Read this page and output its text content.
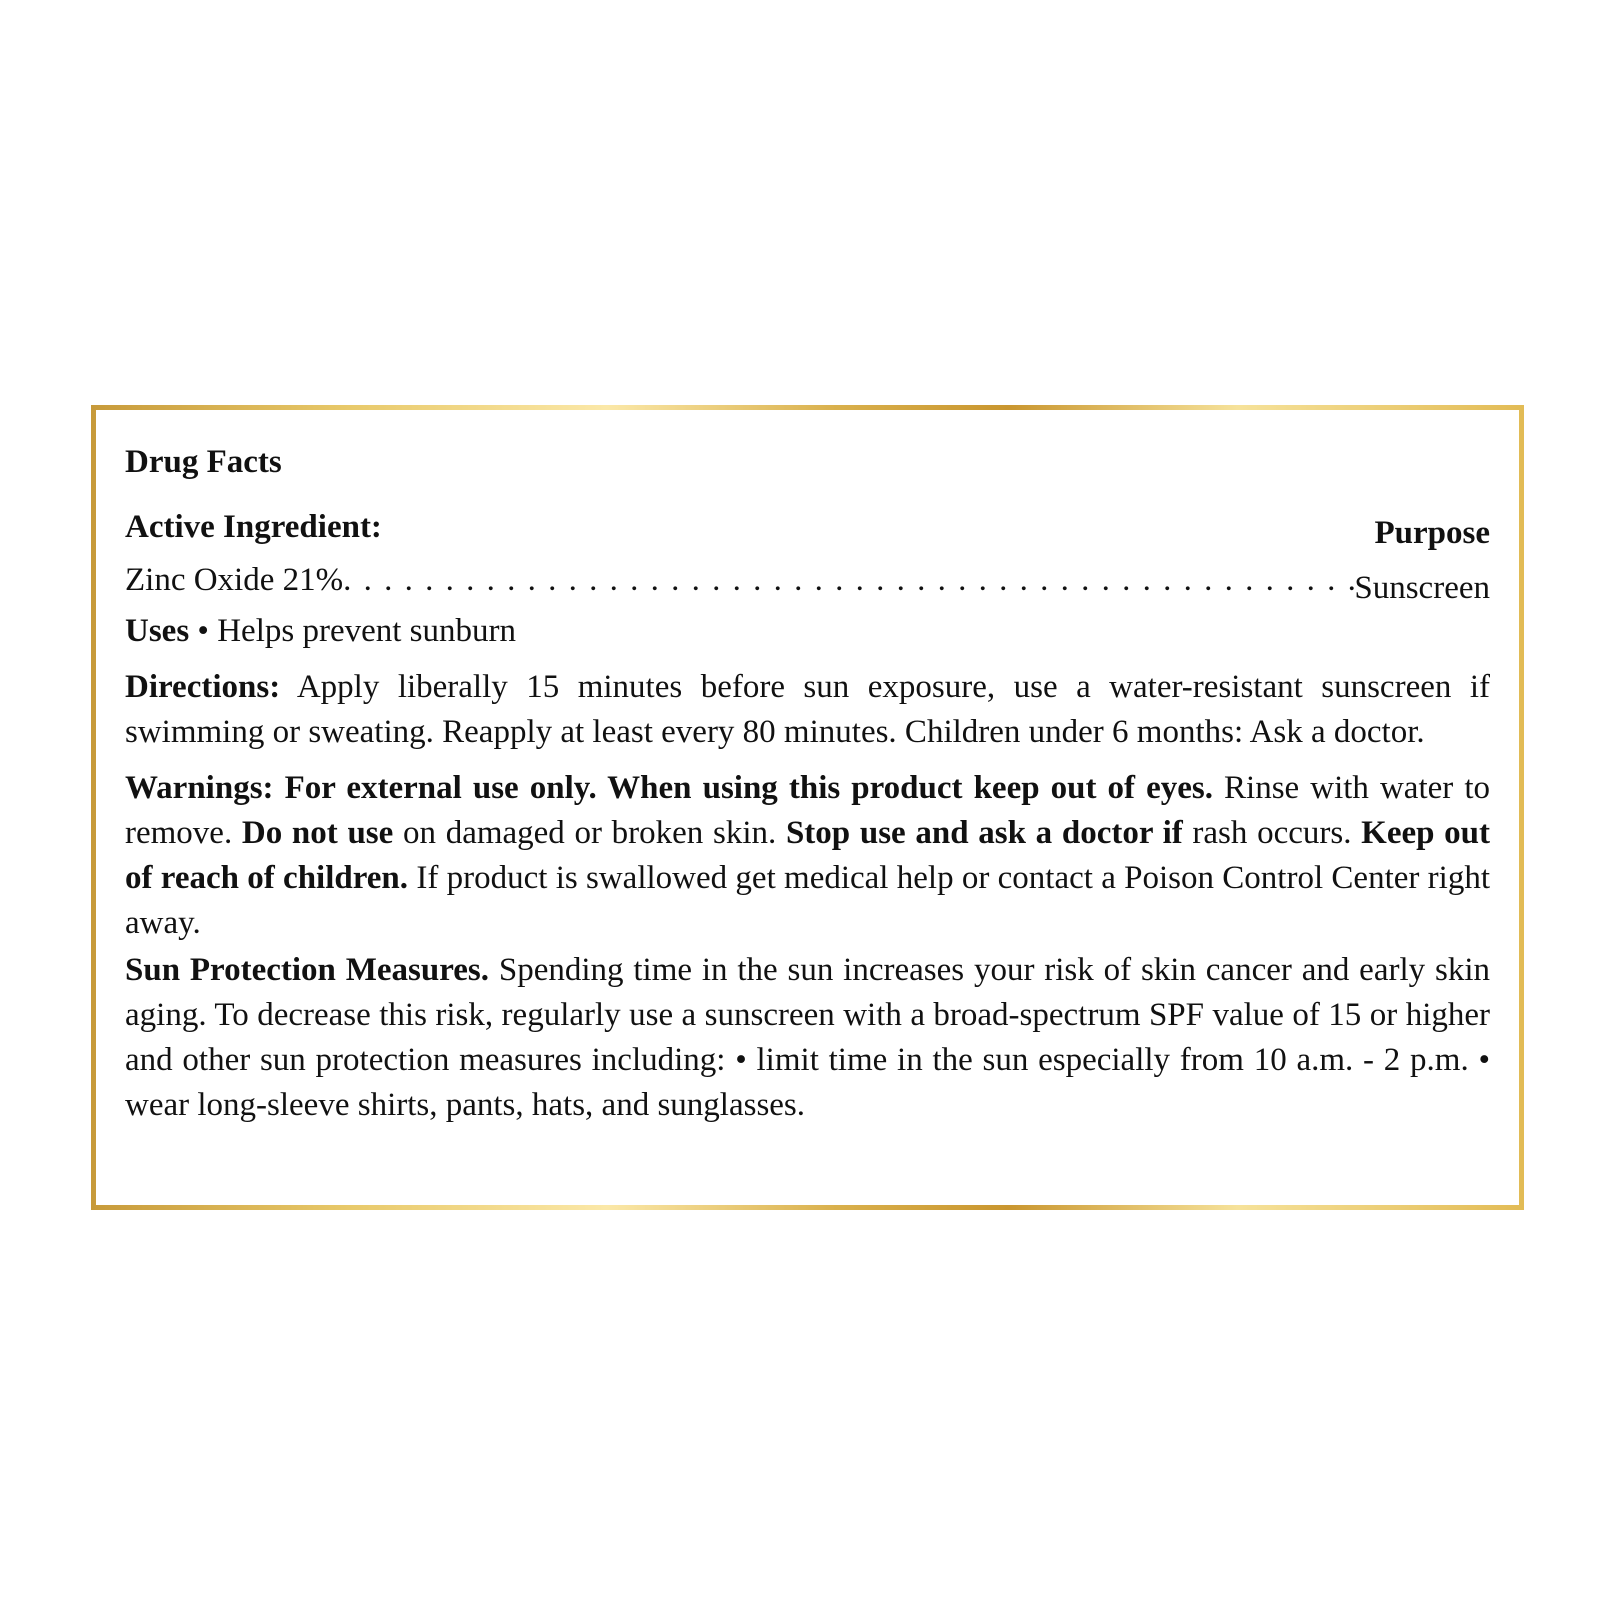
Drug Facts
Active Ingredient:	Purpose
Zinc Oxide 21%
. . .	Sunscreen

Uses • Helps prevent sunburn

Directions: Apply liberally 15 minutes before sun exposure, use a water-resistant sunscreen if swimming or sweating. Reapply at least every 80 minutes. Children under 6 months: Ask a doctor.

Warnings: For external use only. When using this product keep out of eyes. Rinse with water to remove. Do not use on damaged or broken skin. Stop use and ask a doctor if rash occurs. Keep out of reach of children. If product is swallowed get medical help or contact a Poison Control Center right away.

Sun Protection Measures. Spending time in the sun increases your risk of skin cancer and early skin aging. To decrease this risk, regularly use a sunscreen with a broad-spectrum SPF value of 15 or higher and other sun protection measures including: • limit time in the sun especially from 10 a.m. - 2 p.m. • wear long-sleeve shirts, pants, hats, and sunglasses.
